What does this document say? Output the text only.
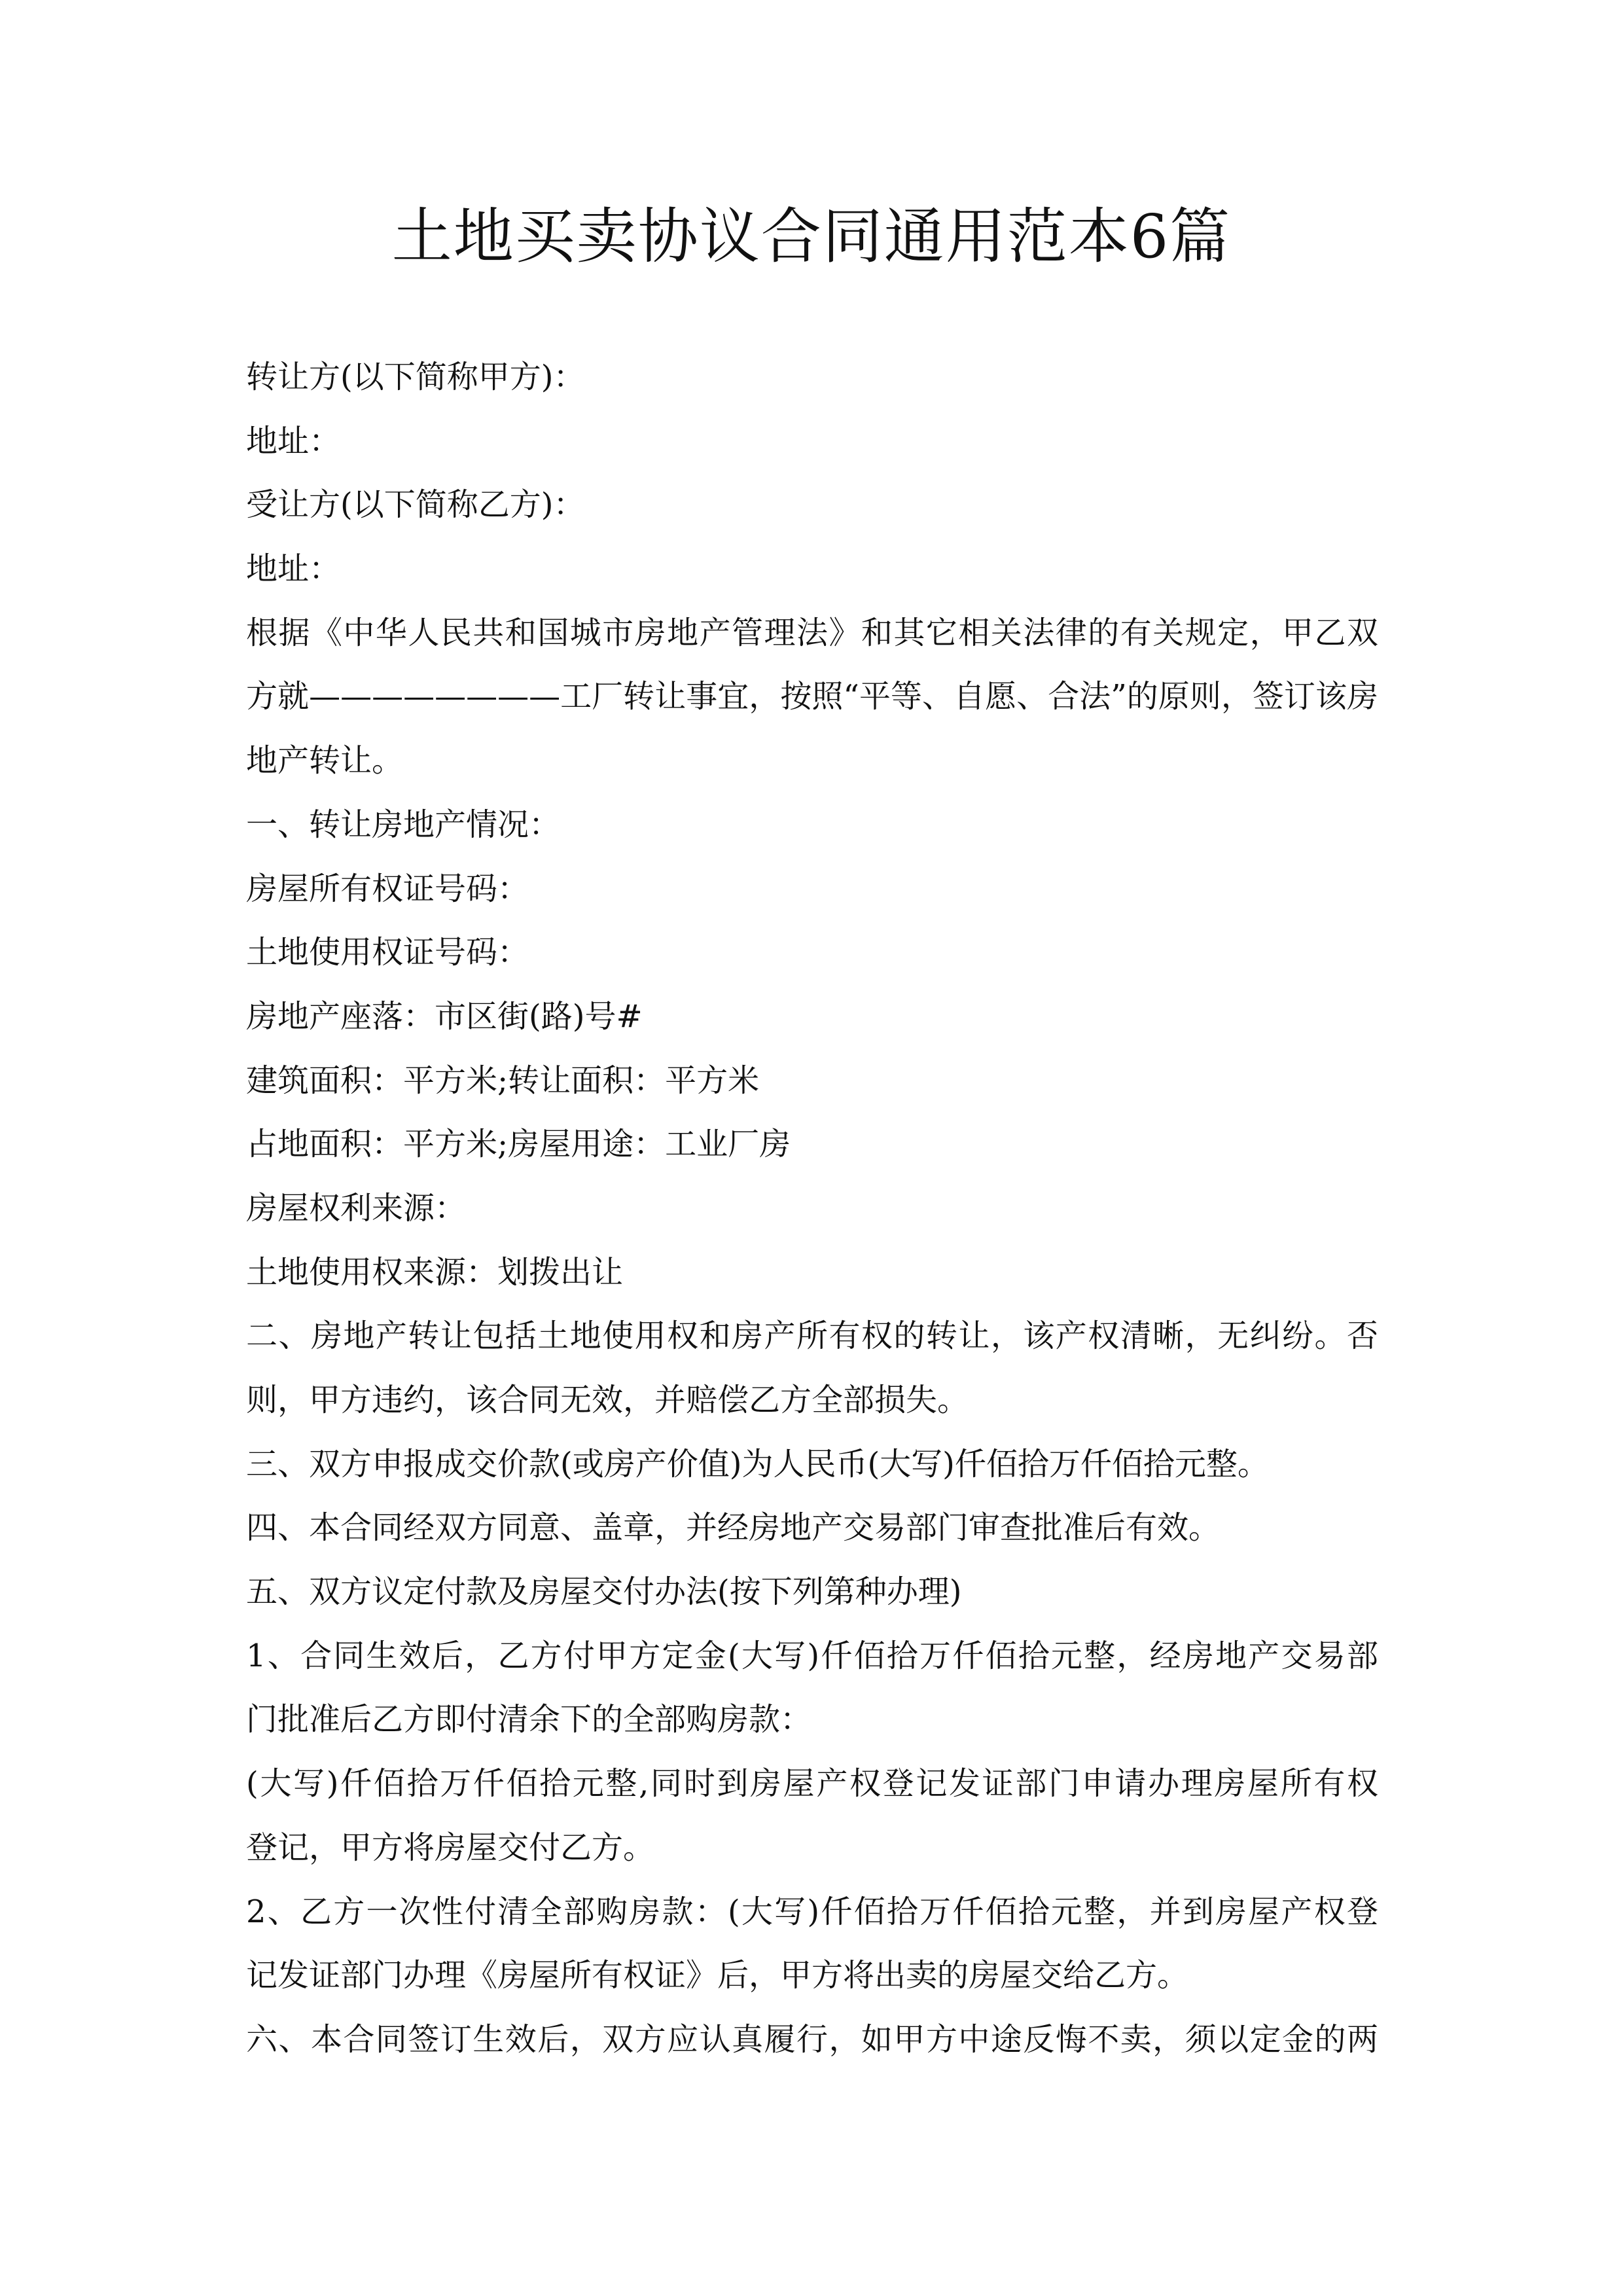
土地买卖协议合同通用范本6篇
转让方(以下简称甲方)：
地址：
受让方(以下简称乙方)：
地址：
根据《中华人民共和国城市房地产管理法》和其它相关法律的有关规定，甲乙双
方就————————工厂转让事宜，按照“平等、自愿、合法”的原则，签订该房
地产转让。
一、转让房地产情况：
房屋所有权证号码：
土地使用权证号码：
房地产座落：市区街(路)号#
建筑面积：平方米;转让面积：平方米
占地面积：平方米;房屋用途：工业厂房
房屋权利来源：
土地使用权来源：划拨出让
二、房地产转让包括土地使用权和房产所有权的转让，该产权清晰，无纠纷。否
则，甲方违约，该合同无效，并赔偿乙方全部损失。
三、双方申报成交价款(或房产价值)为人民币(大写)仟佰拾万仟佰拾元整。
四、本合同经双方同意、盖章，并经房地产交易部门审查批准后有效。
五、双方议定付款及房屋交付办法(按下列第种办理)
1、合同生效后，乙方付甲方定金(大写)仟佰拾万仟佰拾元整，经房地产交易部
门批准后乙方即付清余下的全部购房款：
(大写)仟佰拾万仟佰拾元整,同时到房屋产权登记发证部门申请办理房屋所有权
登记，甲方将房屋交付乙方。
2、乙方一次性付清全部购房款：(大写)仟佰拾万仟佰拾元整，并到房屋产权登
记发证部门办理《房屋所有权证》后，甲方将出卖的房屋交给乙方。
六、本合同签订生效后，双方应认真履行，如甲方中途反悔不卖，须以定金的两
